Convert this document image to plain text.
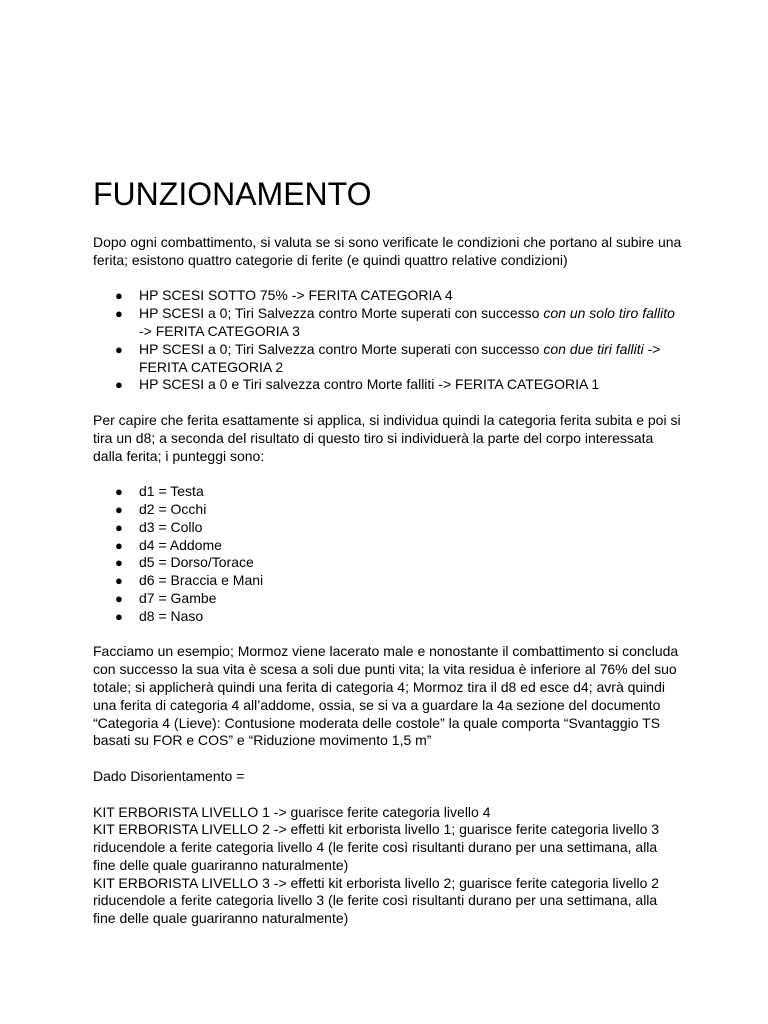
FUNZIONAMENTO

Dopo ogni combattimento, si valuta se si sono verificate le condizioni che portano al subire una ferita; esistono quattro categorie di ferite (e quindi quattro relative condizioni)

● HP SCESI SOTTO 75% -> FERITA CATEGORIA 4
● HP SCESI a 0; Tiri Salvezza contro Morte superati con successo con un solo tiro fallito -> FERITA CATEGORIA 3
● HP SCESI a 0; Tiri Salvezza contro Morte superati con successo con due tiri falliti -> FERITA CATEGORIA 2
● HP SCESI a 0 e Tiri salvezza contro Morte falliti -> FERITA CATEGORIA 1

Per capire che ferita esattamente si applica, si individua quindi la categoria ferita subita e poi si tira un d8; a seconda del risultato di questo tiro si individuerà la parte del corpo interessata dalla ferita; i punteggi sono:

● d1 = Testa
● d2 = Occhi
● d3 = Collo
● d4 = Addome
● d5 = Dorso/Torace
● d6 = Braccia e Mani
● d7 = Gambe
● d8 = Naso

Facciamo un esempio; Mormoz viene lacerato male e nonostante il combattimento si concluda con successo la sua vita è scesa a soli due punti vita; la vita residua è inferiore al 76% del suo totale; si applicherà quindi una ferita di categoria 4; Mormoz tira il d8 ed esce d4; avrà quindi una ferita di categoria 4 all’addome, ossia, se si va a guardare la 4a sezione del documento “Categoria 4 (Lieve): Contusione moderata delle costole” la quale comporta “Svantaggio TS basati su FOR e COS” e “Riduzione movimento 1,5 m”

Dado Disorientamento =

KIT ERBORISTA LIVELLO 1 -> guarisce ferite categoria livello 4

KIT ERBORISTA LIVELLO 2 -> effetti kit erborista livello 1; guarisce ferite categoria livello 3 riducendole a ferite categoria livello 4 (le ferite così risultanti durano per una settimana, alla fine delle quale guariranno naturalmente)

KIT ERBORISTA LIVELLO 3 -> effetti kit erborista livello 2; guarisce ferite categoria livello 2 riducendole a ferite categoria livello 3 (le ferite così risultanti durano per una settimana, alla fine delle quale guariranno naturalmente)
